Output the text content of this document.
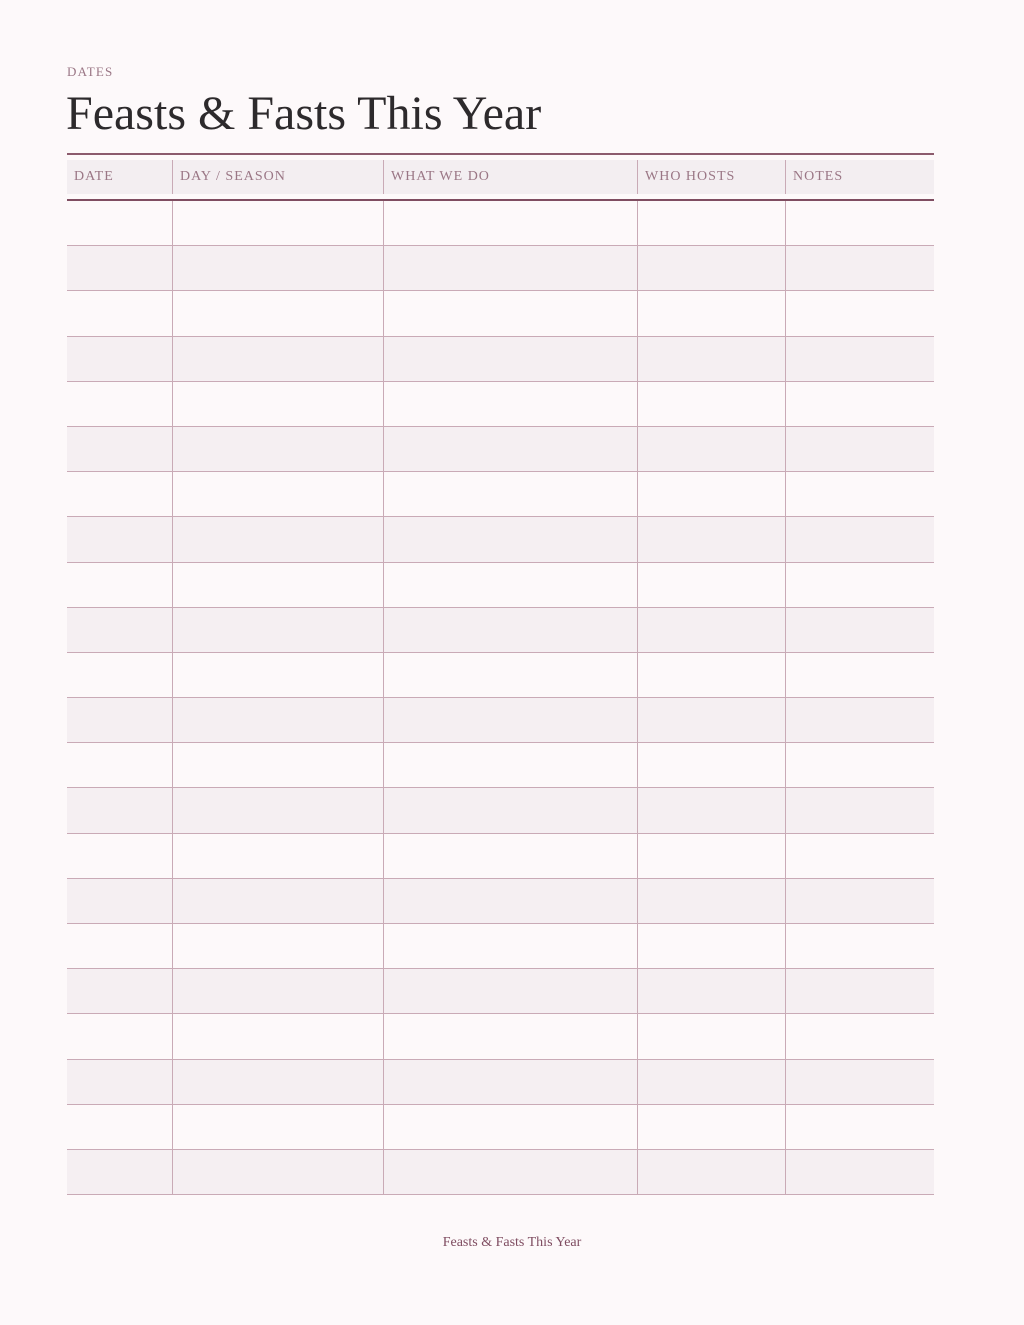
DATES
Feasts & Fasts This Year
DATE	DAY / SEASON	WHAT WE DO	WHO HOSTS	NOTES
Feasts & Fasts This Year
